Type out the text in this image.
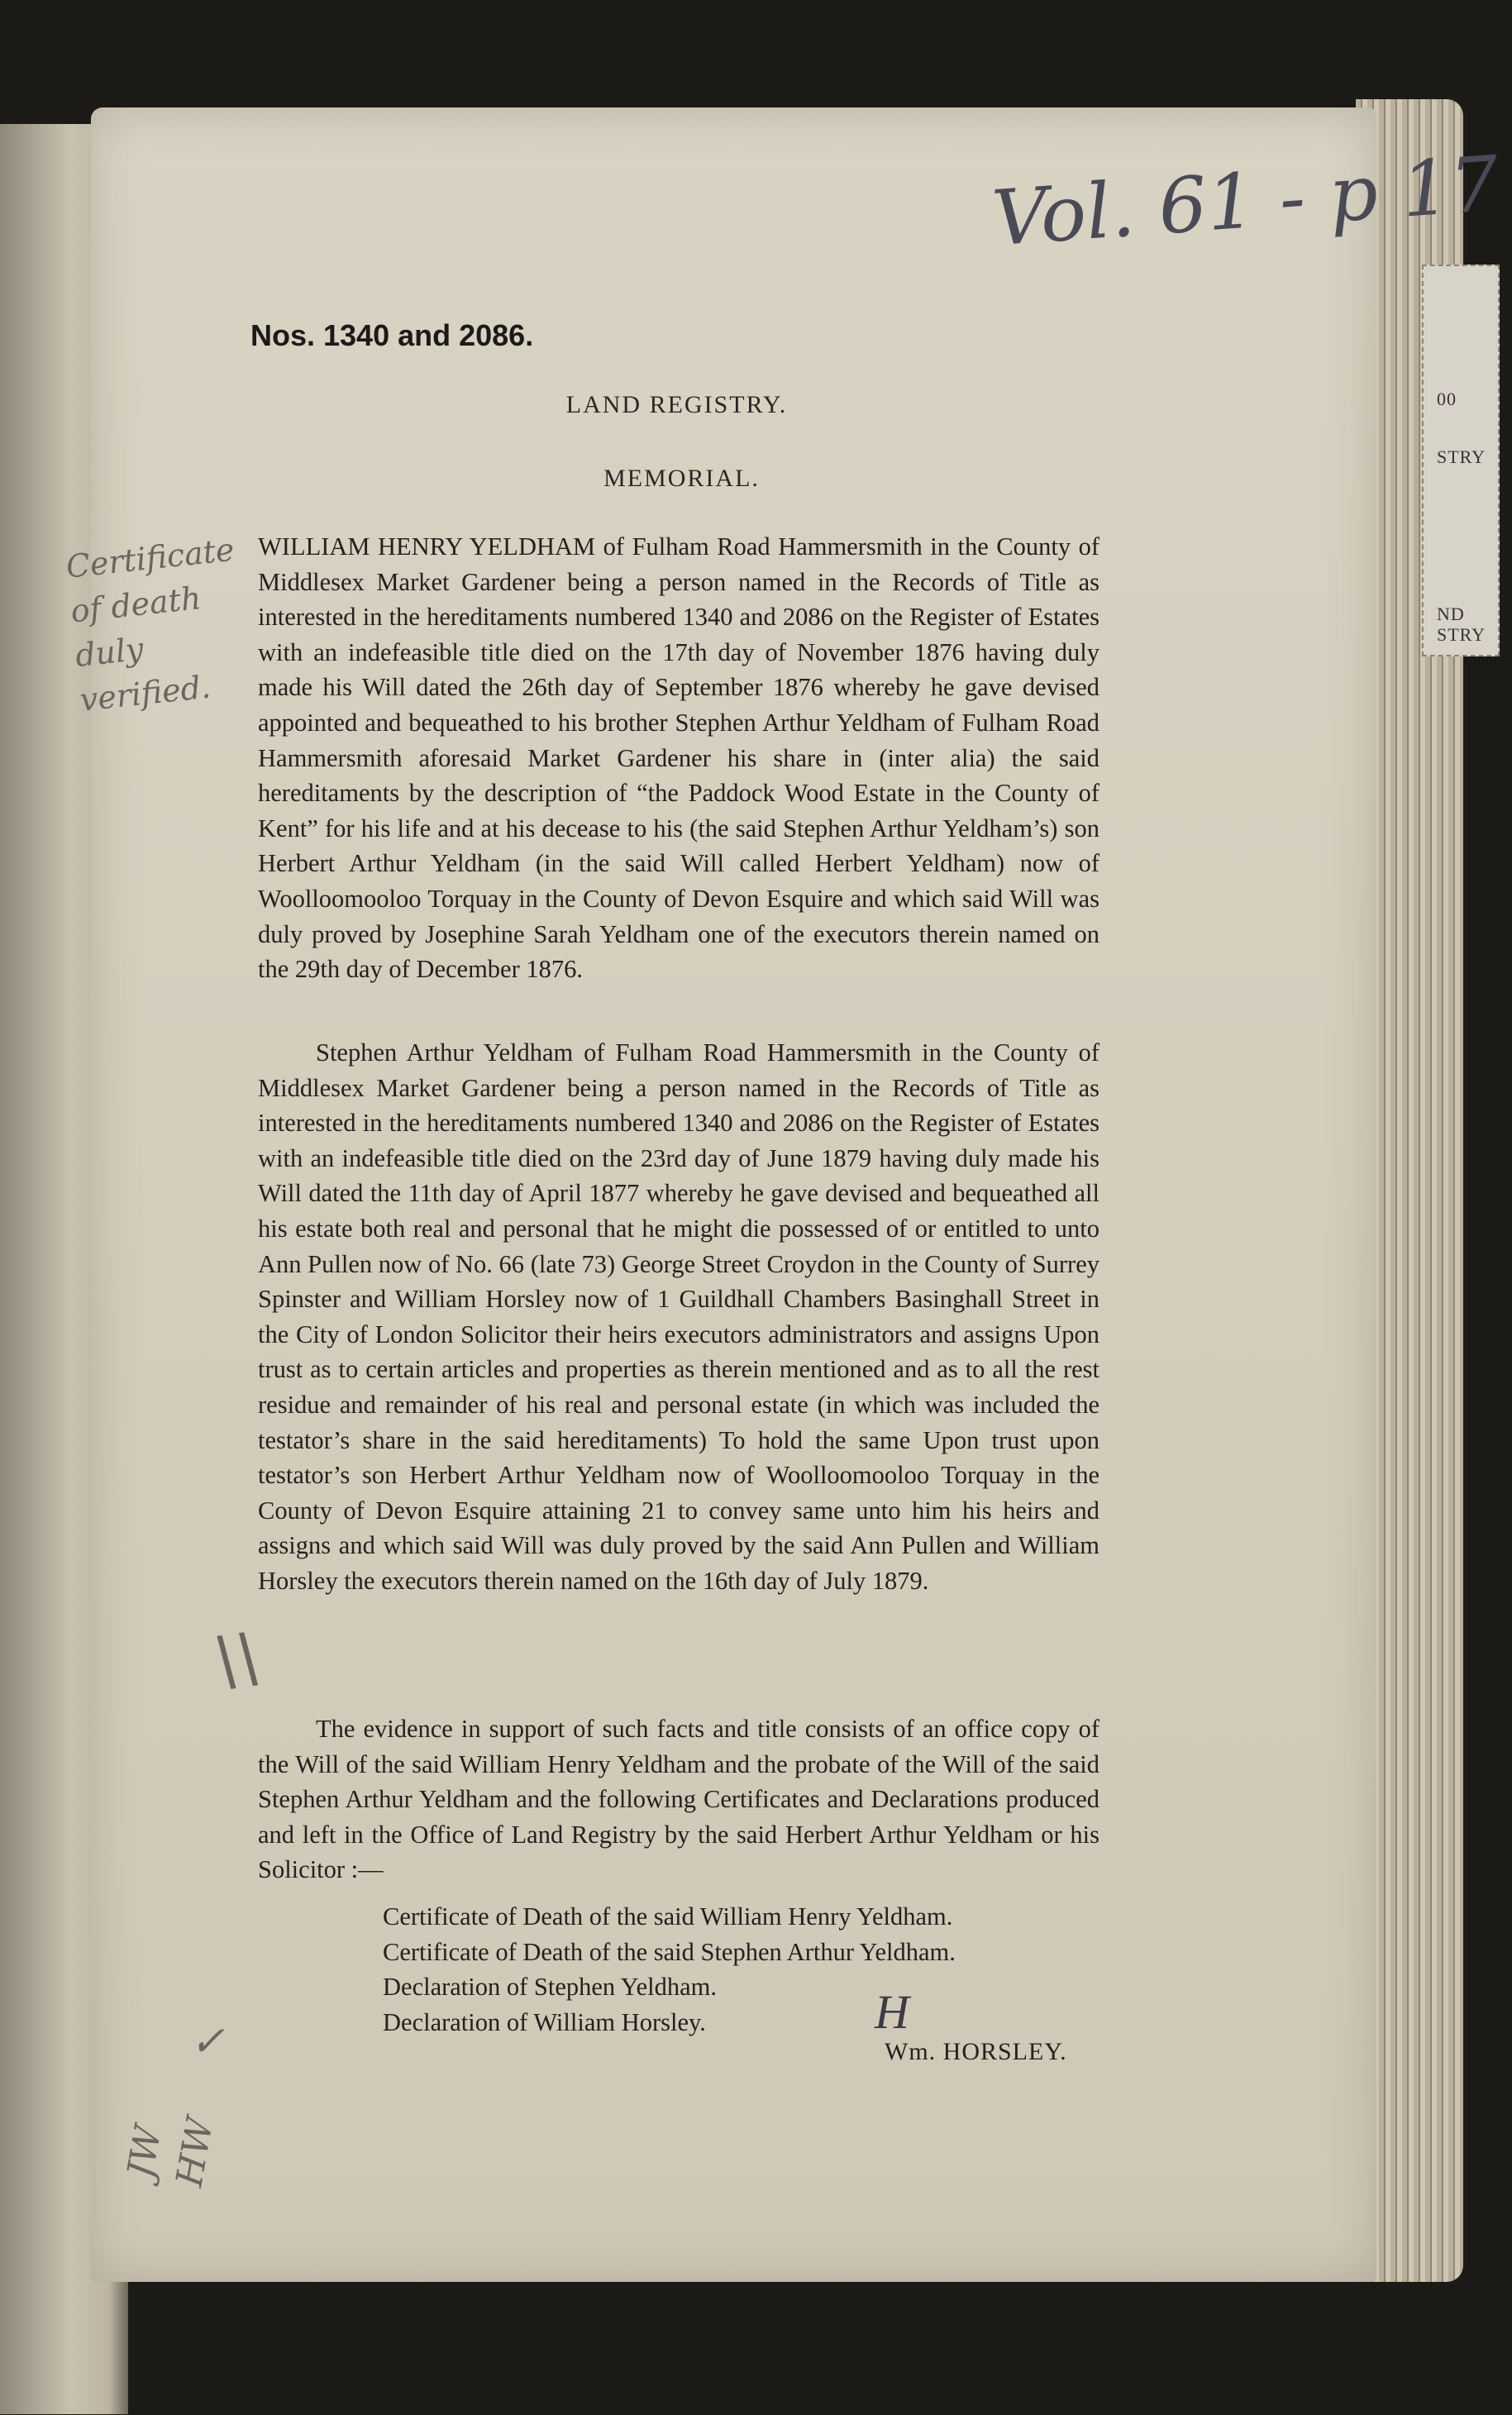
00
STRY
ND
STRY
Vol. 61 - p 17
Certificate of death duly verified.
JW HW
\\
✓
Nos. 1340 and 2086.
LAND REGISTRY.
MEMORIAL.

WILLIAM HENRY YELDHAM of Fulham Road Hammersmith in the County of Middlesex Market Gardener being a person named in the Records of Title as interested in the hereditaments numbered 1340 and 2086 on the Register of Estates with an indefeasible title died on the 17th day of November 1876 having duly made his Will dated the 26th day of September 1876 whereby he gave devised appointed and bequeathed to his brother Stephen Arthur Yeldham of Fulham Road Hammersmith aforesaid Market Gardener his share in (inter alia) the said hereditaments by the description of “the Paddock Wood Estate in the County of Kent” for his life and at his decease to his (the said Stephen Arthur Yeldham’s) son Herbert Arthur Yeldham (in the said Will called Herbert Yeldham) now of Woolloomooloo Torquay in the County of Devon Esquire and which said Will was duly proved by Josephine Sarah Yeldham one of the executors therein named on the 29th day of December 1876.

Stephen Arthur Yeldham of Fulham Road Hammersmith in the County of Middlesex Market Gardener being a person named in the Records of Title as interested in the hereditaments numbered 1340 and 2086 on the Register of Estates with an indefeasible title died on the 23rd day of June 1879 having duly made his Will dated the 11th day of April 1877 whereby he gave devised and bequeathed all his estate both real and personal that he might die possessed of or entitled to unto Ann Pullen now of No. 66 (late 73) George Street Croydon in the County of Surrey Spinster and William Horsley now of 1 Guildhall Chambers Basinghall Street in the City of London Solicitor their heirs executors administrators and assigns Upon trust as to certain articles and properties as therein mentioned and as to all the rest residue and remainder of his real and personal estate (in which was included the testator’s share in the said hereditaments) To hold the same Upon trust upon testator’s son Herbert Arthur Yeldham now of Woolloomooloo Torquay in the County of Devon Esquire attaining 21 to convey same unto him his heirs and assigns and which said Will was duly proved by the said Ann Pullen and William Horsley the executors therein named on the 16th day of July 1879.

The evidence in support of such facts and title consists of an office copy of the Will of the said William Henry Yeldham and the probate of the Will of the said Stephen Arthur Yeldham and the following Certificates and Declarations produced and left in the Office of Land Registry by the said Herbert Arthur Yeldham or his Solicitor :—

Certificate of Death of the said William Henry Yeldham.
Certificate of Death of the said Stephen Arthur Yeldham.
Declaration of Stephen Yeldham.
Declaration of William Horsley.	H
Wm. HORSLEY.
